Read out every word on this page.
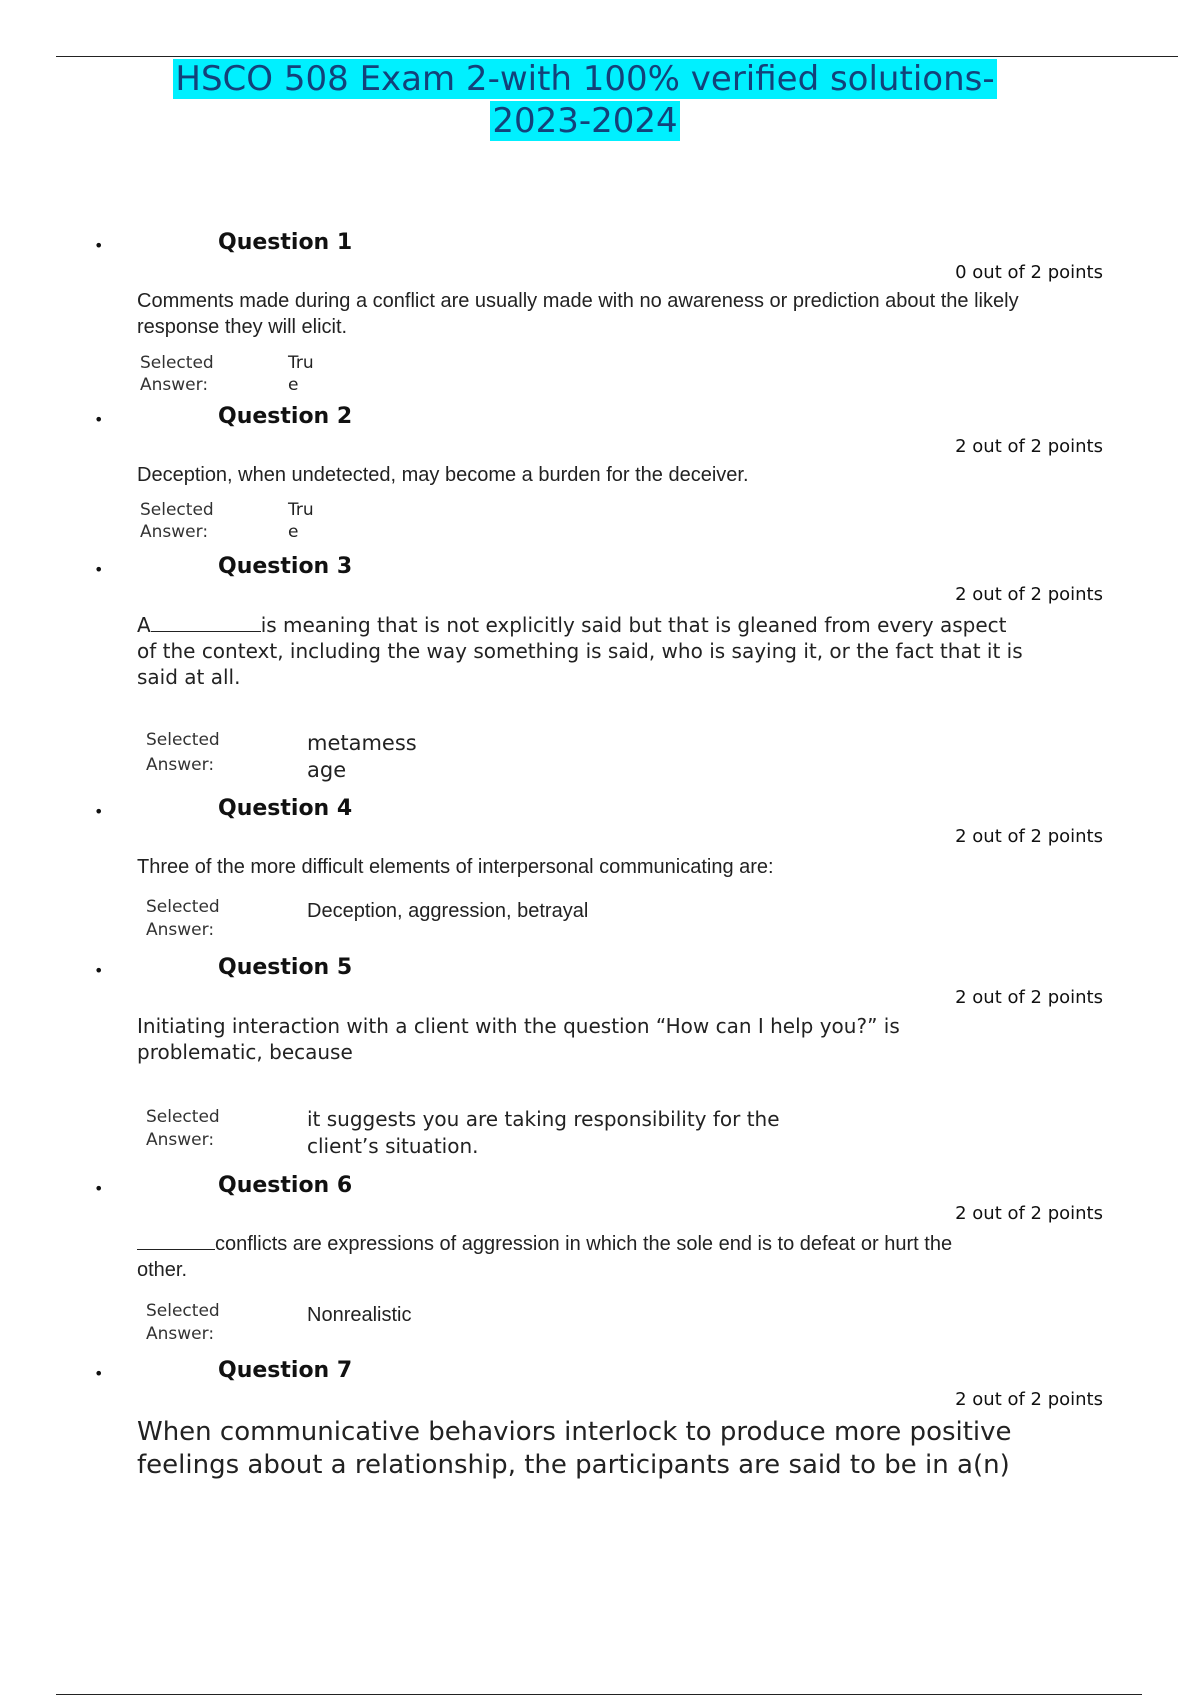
HSCO 508 Exam 2-with 100% verified solutions-
2023-2024
•	Question 1
0 out of 2 points
Comments made during a conflict are usually made with no awareness or prediction about the likely response they will elicit.
Selected
Answer:
Tru
e
•	Question 2
2 out of 2 points
Deception, when undetected, may become a burden for the deceiver.
Selected
Answer:
Tru
e
•	Question 3
2 out of 2 points
A	is meaning that is not explicitly said but that is gleaned from every aspect of the context, including the way something is said, who is saying it, or the fact that it is said at all.
Selected
Answer:
metamess
age
•	Question 4
2 out of 2 points
Three of the more difficult elements of interpersonal communicating are:
Selected
Answer:
Deception, aggression, betrayal
•	Question 5
2 out of 2 points
Initiating interaction with a client with the question “How can I help you?” is problematic, because
Selected
Answer:
it suggests you are taking responsibility for the
client’s situation.
•	Question 6
2 out of 2 points
conflicts are expressions of aggression in which the sole end is to defeat or hurt the
other.
Selected
Answer:
Nonrealistic
•	Question 7
2 out of 2 points
When communicative behaviors interlock to produce more positive feelings about a relationship, the participants are said to be in a(n)
